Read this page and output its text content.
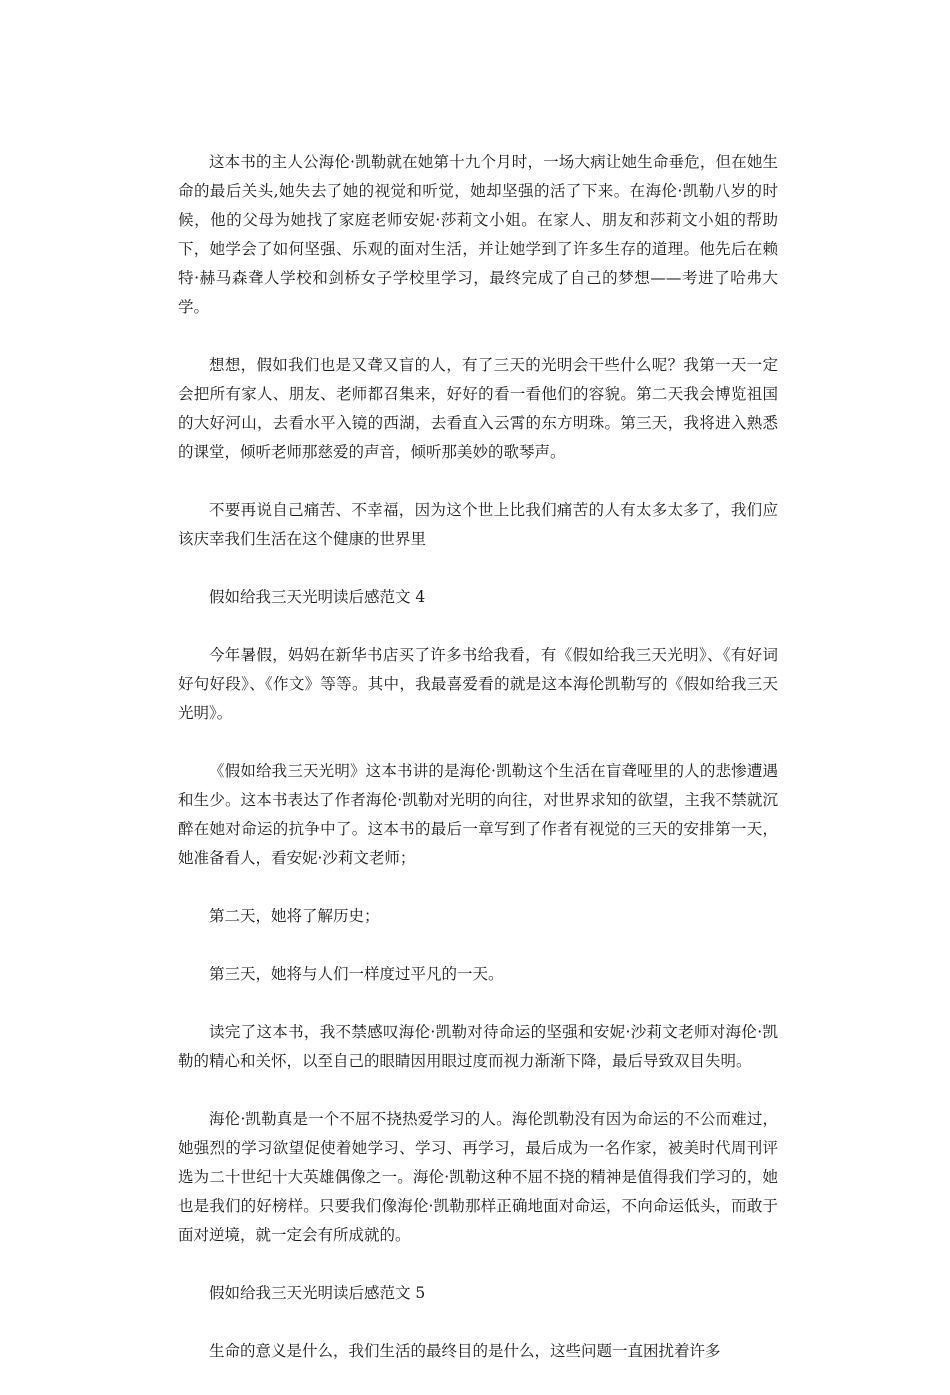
这本书的主人公海伦·凯勒就在她第十九个月时，一场大病让她生命垂危，但在她生命的最后关头,她失去了她的视觉和听觉，她却坚强的活了下来。在海伦·凯勒八岁的时候，他的父母为她找了家庭老师安妮·莎莉文小姐。在家人、朋友和莎莉文小姐的帮助下，她学会了如何坚强、乐观的面对生活，并让她学到了许多生存的道理。他先后在赖特·赫马森聋人学校和剑桥女子学校里学习，最终完成了自己的梦想——考进了哈弗大学。

想想，假如我们也是又聋又盲的人，有了三天的光明会干些什么呢？我第一天一定会把所有家人、朋友、老师都召集来，好好的看一看他们的容貌。第二天我会博览祖国的大好河山，去看水平入镜的西湖，去看直入云霄的东方明珠。第三天，我将进入熟悉的课堂，倾听老师那慈爱的声音，倾听那美妙的歌琴声。

不要再说自己痛苦、不幸福，因为这个世上比我们痛苦的人有太多太多了，我们应该庆幸我们生活在这个健康的世界里

假如给我三天光明读后感范文 4

今年暑假，妈妈在新华书店买了许多书给我看，有《假如给我三天光明》、《有好词好句好段》、《作文》等等。其中，我最喜爱看的就是这本海伦凯勒写的《假如给我三天光明》。

《假如给我三天光明》这本书讲的是海伦·凯勒这个生活在盲聋哑里的人的悲惨遭遇和生少。这本书表达了作者海伦·凯勒对光明的向往，对世界求知的欲望，主我不禁就沉醉在她对命运的抗争中了。这本书的最后一章写到了作者有视觉的三天的安排第一天，她准备看人，看安妮·沙莉文老师；

第二天，她将了解历史；

第三天，她将与人们一样度过平凡的一天。

读完了这本书，我不禁感叹海伦·凯勒对待命运的坚强和安妮·沙莉文老师对海伦·凯勒的精心和关怀，以至自己的眼睛因用眼过度而视力渐渐下降，最后导致双目失明。

海伦·凯勒真是一个不屈不挠热爱学习的人。海伦凯勒没有因为命运的不公而难过，她强烈的学习欲望促使着她学习、学习、再学习，最后成为一名作家，被美时代周刊评选为二十世纪十大英雄偶像之一。海伦·凯勒这种不屈不挠的精神是值得我们学习的，她也是我们的好榜样。只要我们像海伦·凯勒那样正确地面对命运，不向命运低头，而敢于面对逆境，就一定会有所成就的。

假如给我三天光明读后感范文 5

生命的意义是什么，我们生活的最终目的是什么，这些问题一直困扰着许多
